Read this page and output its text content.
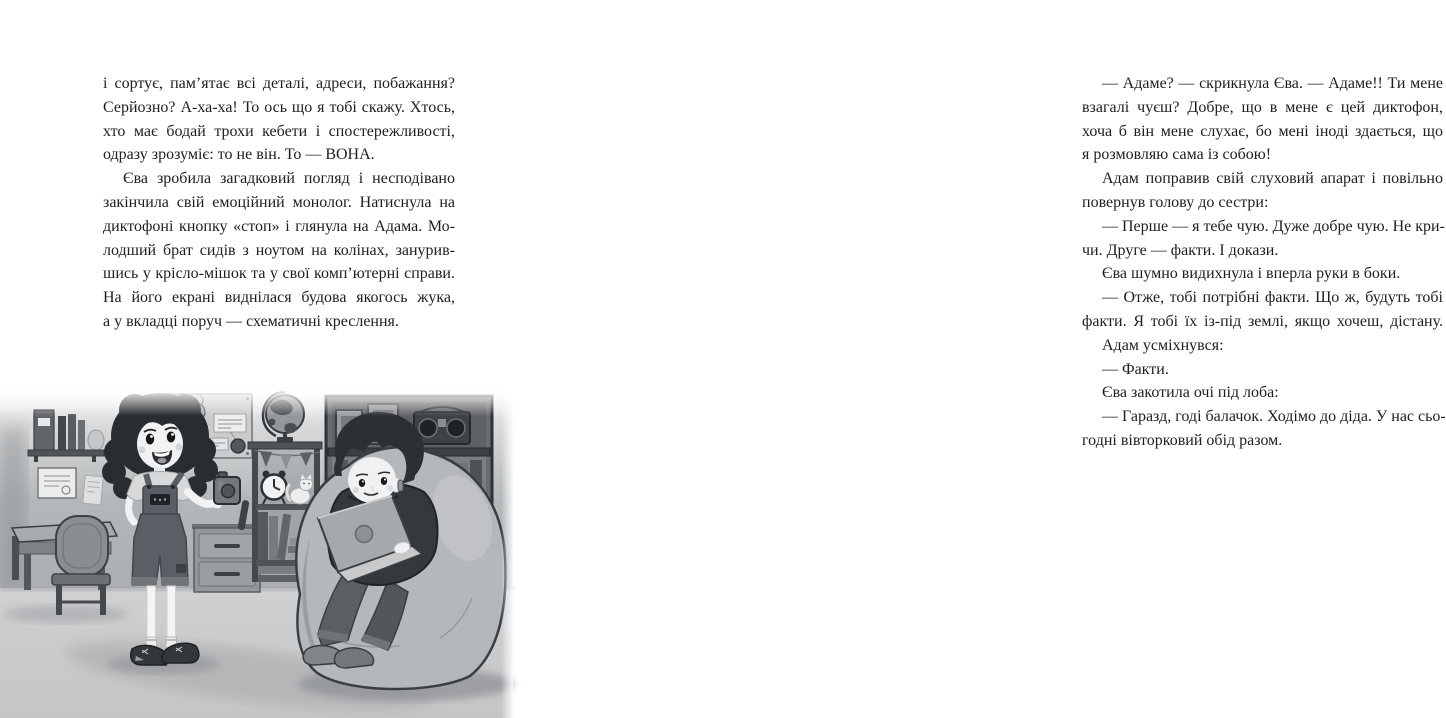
і сортує, пам’ятає всі деталі, адреси, побажання?
Серйозно? А-ха-ха! То ось що я тобі скажу. Хтось,
хто має бодай трохи кебети і спостережливості,
одразу зрозуміє: то не він. То — ВОНА.
Єва зробила загадковий погляд і несподівано
закінчила свій емоційний монолог. Натиснула на
диктофоні кнопку «стоп» і глянула на Адама. Мо-
лодший брат сидів з ноутом на колінах, занурив-
шись у крісло-мішок та у свої комп’ютерні справи.
На його екрані виднілася будова якогось жука,
а у вкладці поруч — схематичні креслення.
— Адаме? — скрикнула Єва. — Адаме!! Ти мене
взагалі чуєш? Добре, що в мене є цей диктофон,
хоча б він мене слухає, бо мені іноді здається, що
я розмовляю сама із собою!
Адам поправив свій слуховий апарат і повільно
повернув голову до сестри:
— Перше — я тебе чую. Дуже добре чую. Не кри-
чи. Друге — факти. І докази.
Єва шумно видихнула і вперла руки в боки.
— Отже, тобі потрібні факти. Що ж, будуть тобі
факти. Я тобі їх із-під землі, якщо хочеш, дістану.
Адам усміхнувся:
— Факти.
Єва закотила очі під лоба:
— Гаразд, годі балачок. Ходімо до діда. У нас сьо-
годні вівторковий обід разом.
